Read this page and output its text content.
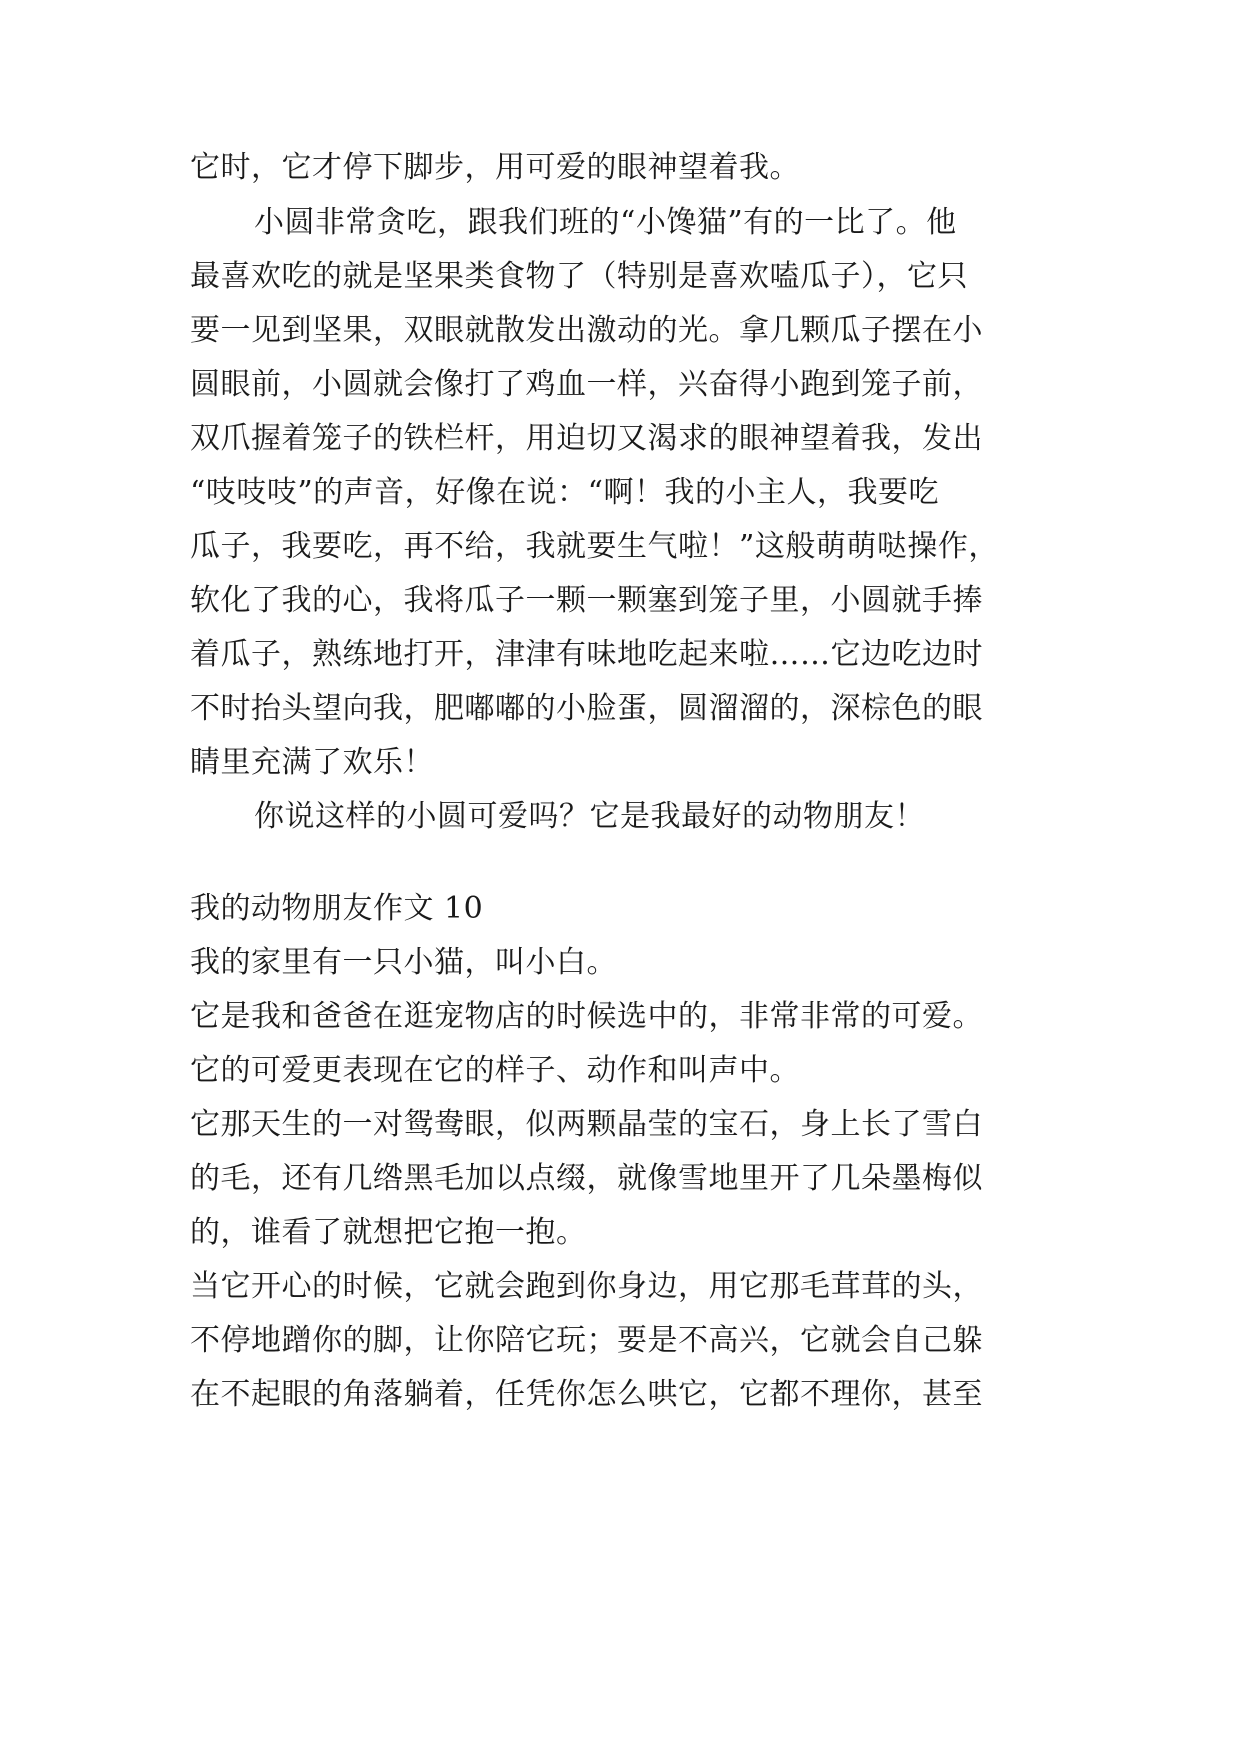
它时，它才停下脚步，用可爱的眼神望着我。
小圆非常贪吃，跟我们班的“小馋猫”有的一比了。他
最喜欢吃的就是坚果类食物了（特别是喜欢嗑瓜子），它只
要一见到坚果，双眼就散发出激动的光。拿几颗瓜子摆在小
圆眼前，小圆就会像打了鸡血一样，兴奋得小跑到笼子前，
双爪握着笼子的铁栏杆，用迫切又渴求的眼神望着我，发出
“吱吱吱”的声音，好像在说：“啊！我的小主人，我要吃
瓜子，我要吃，再不给，我就要生气啦！”这般萌萌哒操作，
软化了我的心，我将瓜子一颗一颗塞到笼子里，小圆就手捧
着瓜子，熟练地打开，津津有味地吃起来啦……它边吃边时
不时抬头望向我，肥嘟嘟的小脸蛋，圆溜溜的，深棕色的眼
睛里充满了欢乐！
你说这样的小圆可爱吗？它是我最好的动物朋友！
我的动物朋友作文 10
我的家里有一只小猫，叫小白。
它是我和爸爸在逛宠物店的时候选中的，非常非常的可爱。
它的可爱更表现在它的样子、动作和叫声中。
它那天生的一对鸳鸯眼，似两颗晶莹的宝石，身上长了雪白
的毛，还有几绺黑毛加以点缀，就像雪地里开了几朵墨梅似
的，谁看了就想把它抱一抱。
当它开心的时候，它就会跑到你身边，用它那毛茸茸的头，
不停地蹭你的脚，让你陪它玩；要是不高兴，它就会自己躲
在不起眼的角落躺着，任凭你怎么哄它，它都不理你，甚至
